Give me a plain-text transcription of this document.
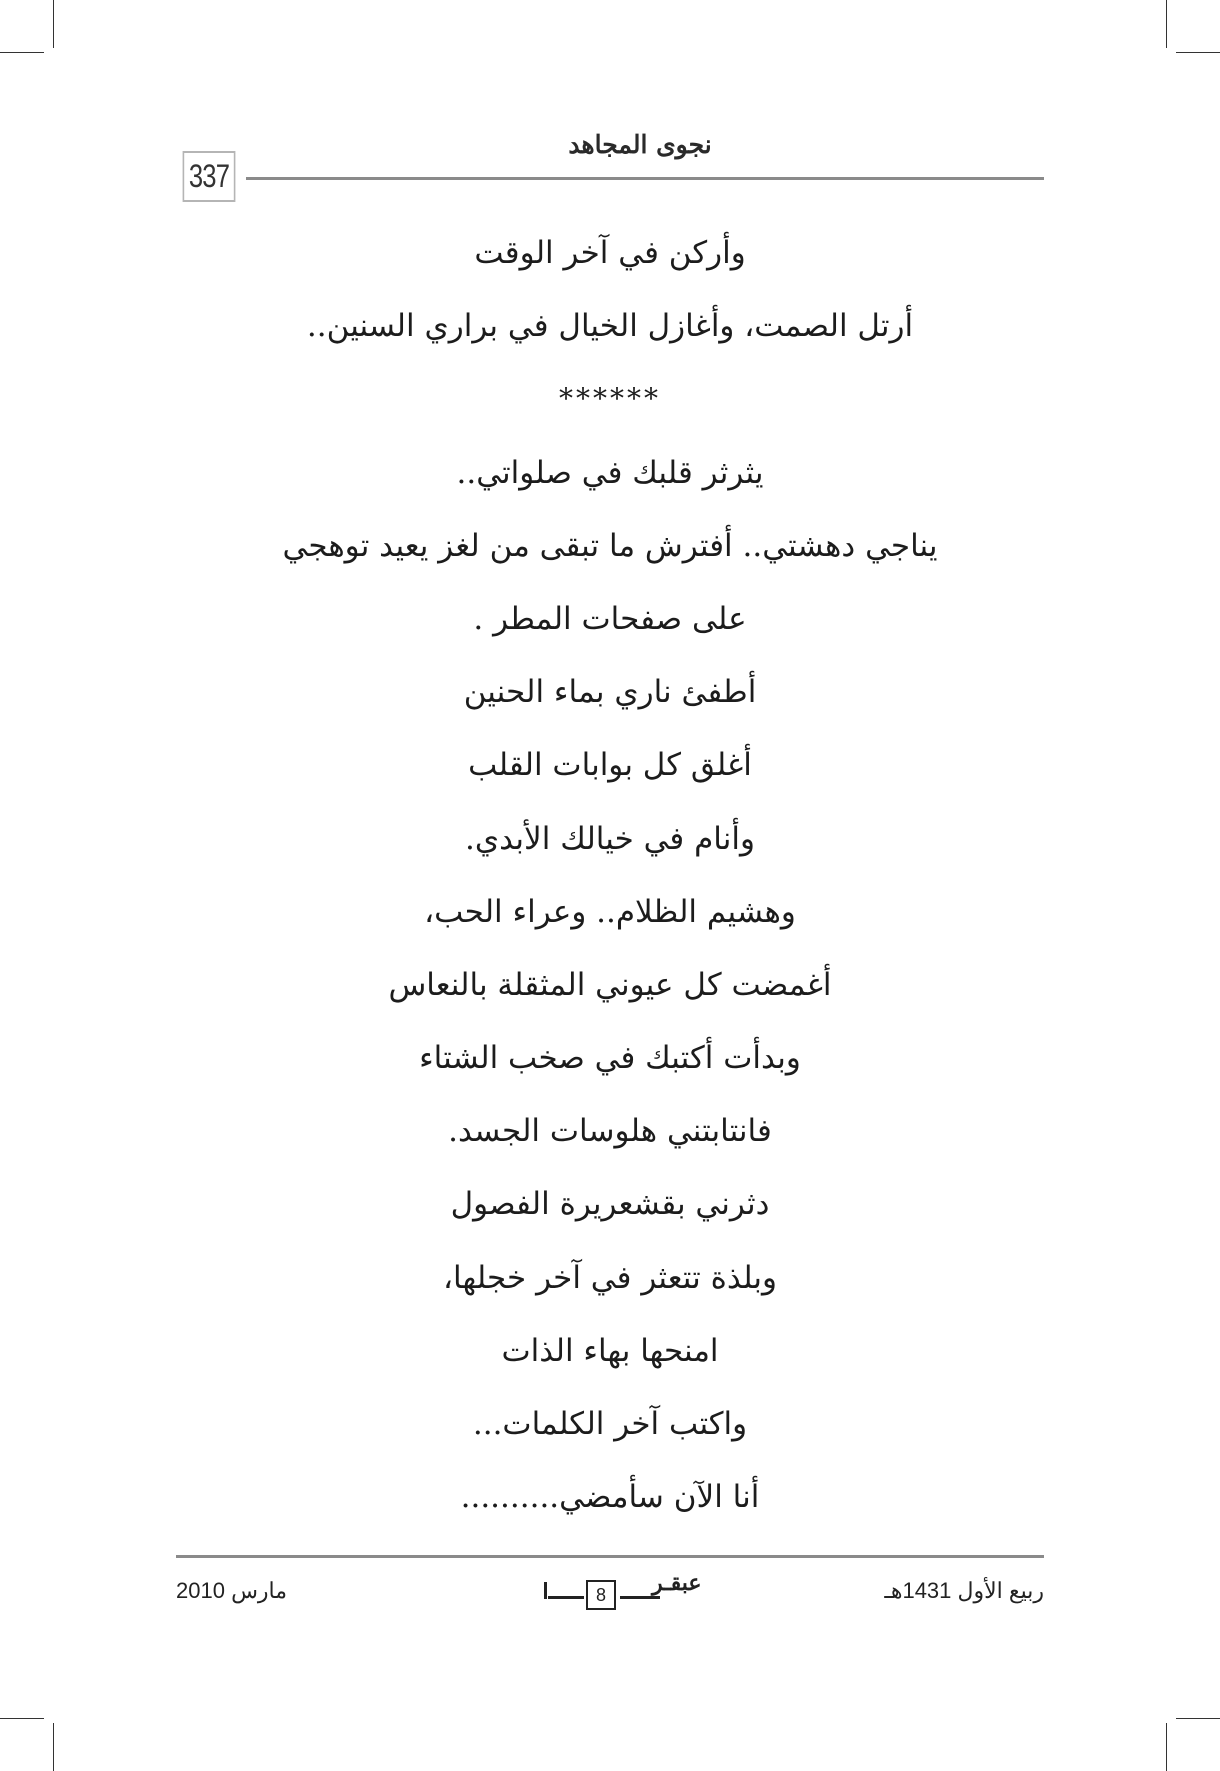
337
نجوى المجاهد
وأركن في آخر الوقت
أرتل الصمت، وأغازل الخيال في براري السنين..
******
يثرثر قلبك في صلواتي..
يناجي دهشتي.. أفترش ما تبقى من لغز يعيد توهجي
على صفحات المطر .
أطفئ ناري بماء الحنين
أغلق كل بوابات القلب
وأنام في خيالك الأبدي.
وهشيم الظلام.. وعراء الحب،
أغمضت كل عيوني المثقلة بالنعاس
وبدأت أكتبك في صخب الشتاء
فانتابتني هلوسات الجسد.
دثرني بقشعريرة الفصول
وبلذة تتعثر في آخر خجلها،
امنحها بهاء الذات
واكتب آخر الكلمات...
أنا الآن سأمضي..........
مارس 2010	ربيع الأول 1431هـ
8	عبقـر
